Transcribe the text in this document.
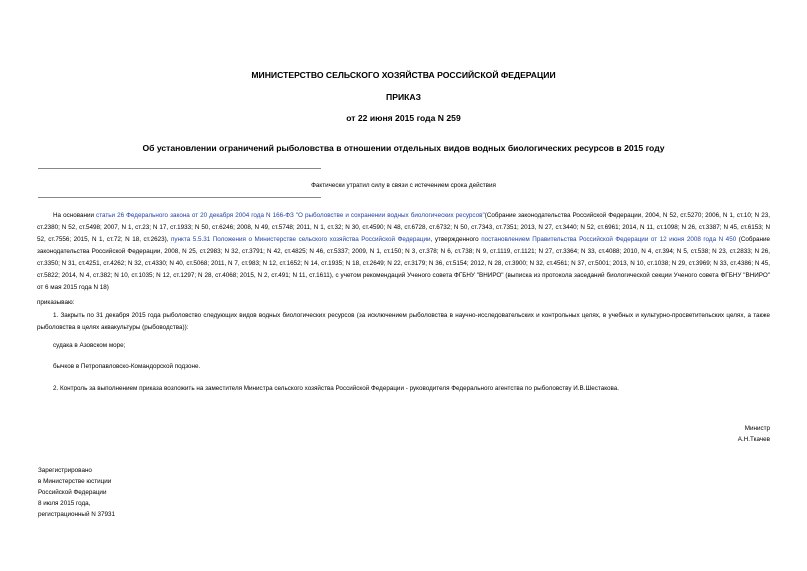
МИНИСТЕРСТВО СЕЛЬСКОГО ХОЗЯЙСТВА РОССИЙСКОЙ ФЕДЕРАЦИИ
ПРИКАЗ
от 22 июня 2015 года N 259
Об установлении ограничений рыболовства в отношении отдельных видов водных биологических ресурсов в 2015 году
Фактически утратил силу в связи с истечением срока действия
На основании статьи 26 Федерального закона от 20 декабря 2004 года N 166-ФЗ "О рыболовстве и сохранении водных биологических ресурсов"(Собрание законодательства Российской Федерации, 2004, N 52, ст.5270; 2006, N 1, ст.10; N 23, ст.2380; N 52, ст.5498; 2007, N 1, ст.23; N 17, ст.1933; N 50, ст.6246; 2008, N 49, ст.5748; 2011, N 1, ст.32; N 30, ст.4590; N 48, ст.6728, ст.6732; N 50, ст.7343, ст.7351; 2013, N 27, ст.3440; N 52, ст.6961; 2014, N 11, ст.1098; N 26, ст.3387; N 45, ст.6153; N 52, ст.7556; 2015, N 1, ст.72; N 18, ст.2623), пункта 5.5.31 Положения о Министерстве сельского хозяйства Российской Федерации, утвержденного постановлением Правительства Российской Федерации от 12 июня 2008 года N 450 (Собрание законодательства Российской Федерации, 2008, N 25, ст.2983; N 32, ст.3791; N 42, ст.4825; N 46, ст.5337; 2009, N 1, ст.150; N 3, ст.378; N 6, ст.738; N 9, ст.1119, ст.1121; N 27, ст.3364; N 33, ст.4088; 2010, N 4, ст.394; N 5, ст.538; N 23, ст.2833; N 26, ст.3350; N 31, ст.4251, ст.4262; N 32, ст.4330; N 40, ст.5068; 2011, N 7, ст.983; N 12, ст.1652; N 14, ст.1935; N 18, ст.2649; N 22, ст.3179; N 36, ст.5154; 2012, N 28, ст.3900; N 32, ст.4561; N 37, ст.5001; 2013, N 10, ст.1038; N 29, ст.3969; N 33, ст.4386; N 45, ст.5822; 2014, N 4, ст.382; N 10, ст.1035; N 12, ст.1297; N 28, ст.4068; 2015, N 2, ст.491; N 11, ст.1611), с учетом рекомендаций Ученого совета ФГБНУ "ВНИРО" (выписка из протокола заседаний биологической секции Ученого совета ФГБНУ "ВНИРО" от 6 мая 2015 года N 18)
приказываю:
1. Закрыть по 31 декабря 2015 года рыболовство следующих видов водных биологических ресурсов (за исключением рыболовства в научно-исследовательских и контрольных целях, в учебных и культурно-просветительских целях, а также рыболовства в целях аквакультуры (рыбоводства)):
судака в Азовском море;
бычков в Петропавловско-Командорской подзоне.
2. Контроль за выполнением приказа возложить на заместителя Министра сельского хозяйства Российской Федерации - руководителя Федерального агентства по рыболовству И.В.Шестакова.
Министр
А.Н.Ткачев
Зарегистрировано
в Министерстве юстиции
Российской Федерации
8 июля 2015 года,
регистрационный N 37931
